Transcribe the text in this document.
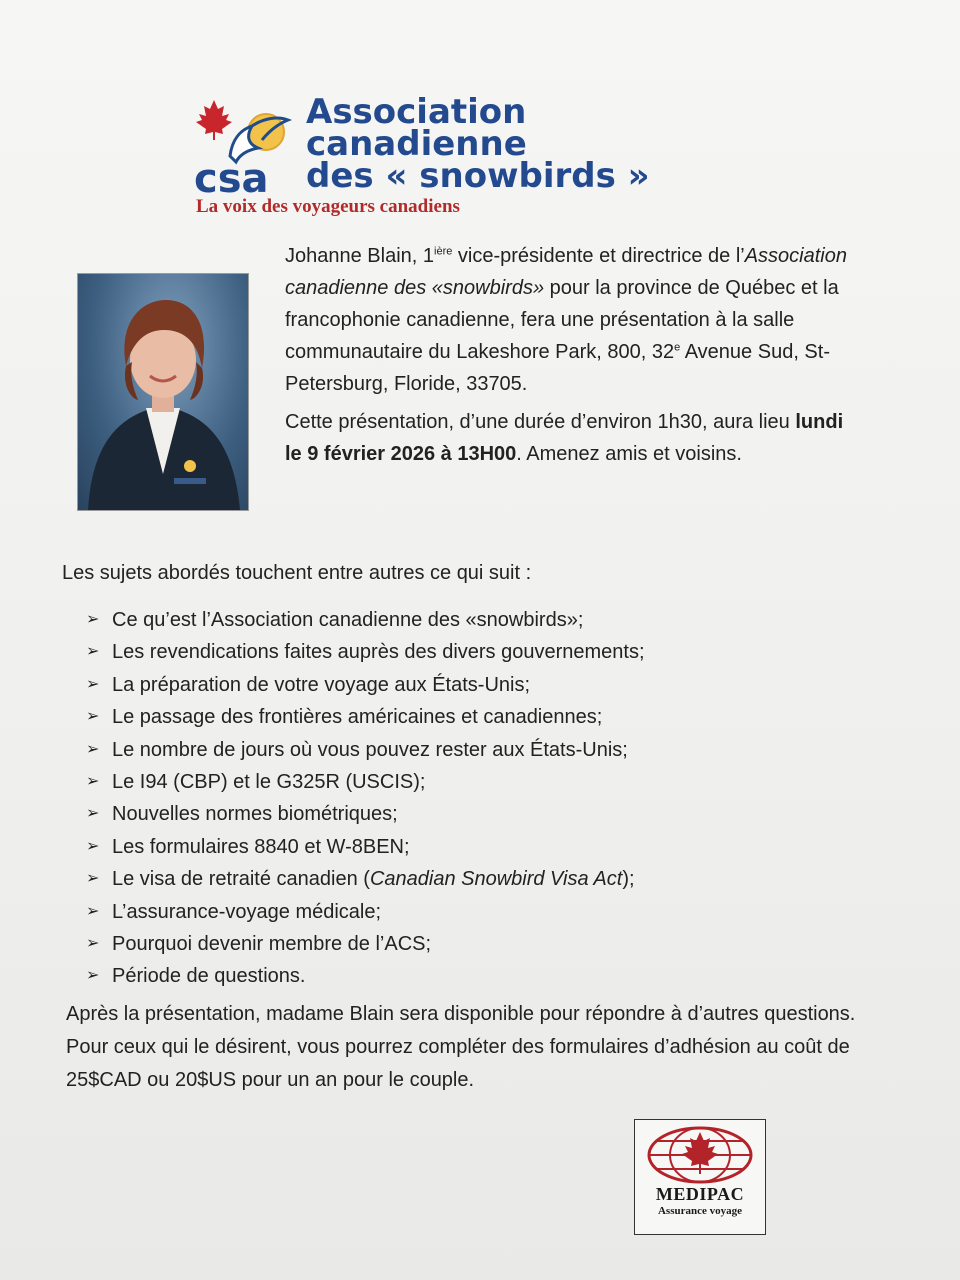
csa
Association
canadienne
des « snowbirds »
La voix des voyageurs canadiens

Johanne Blain, $1^{ière}$ vice-présidente et directrice de l’Association canadienne des «snowbirds» pour la province de Québec et la francophonie canadienne, fera une présentation à la salle communautaire du Lakeshore Park, 800, 32e Avenue Sud, St-Petersburg, Floride, 33705.

Cette présentation, d’une durée d’environ 1h30, aura lieu lundi le 9 février 2026 à 13H00. Amenez amis et voisins.

Les sujets abordés touchent entre autres ce qui suit :
➢ Ce qu’est l’Association canadienne des «snowbirds»;
➢ Les revendications faites auprès des divers gouvernements;
➢ La préparation de votre voyage aux États-Unis;
➢ Le passage des frontières américaines et canadiennes;
➢ Le nombre de jours où vous pouvez rester aux États-Unis;
➢ Le I94 (CBP) et le G325R (USCIS);
➢ Nouvelles normes biométriques;
➢ Les formulaires 8840 et W-8BEN;
➢ Le visa de retraité canadien ( Canadian Snowbird Visa Act );
➢ L’assurance-voyage médicale;
➢ Pourquoi devenir membre de l’ACS;
➢ Période de questions.

Après la présentation, madame Blain sera disponible pour répondre à d’autres questions. Pour ceux qui le désirent, vous pourrez compléter des formulaires d’adhésion au coût de 25$CAD ou 20$US pour un an pour le couple.

MEDIPAC
Assurance voyage
